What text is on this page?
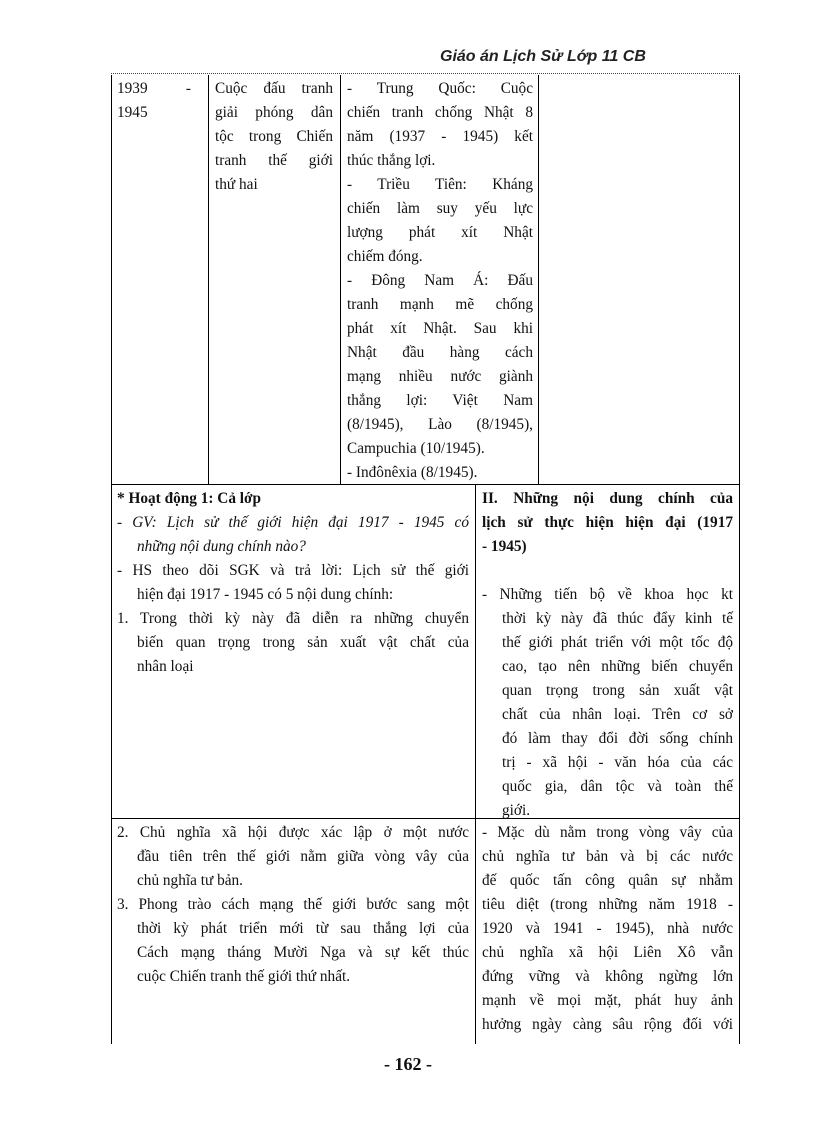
Giáo án Lịch Sử Lớp 11 CB
1939          -
1945
Cuộc đấu tranh
giải phóng dân
tộc trong Chiến
tranh thế giới
thứ hai
- Trung Quốc: Cuộc
chiến tranh chống Nhật 8
năm (1937 - 1945) kết
thúc thắng lợi.
- Triều Tiên: Kháng
chiến làm suy yếu lực
lượng phát xít Nhật
chiếm đóng.
- Đông Nam Á: Đấu
tranh mạnh mẽ chống
phát xít Nhật. Sau khi
Nhật đầu hàng cách
mạng nhiều nước giành
thắng lợi: Việt Nam
(8/1945), Lào (8/1945),
Campuchia (10/1945).
- Inđônêxia (8/1945).
* Hoạt động 1: Cả lớp
- GV: Lịch sử thế giới hiện đại 1917 - 1945 có
những nội dung chính nào?
- HS theo dõi SGK và trả lời: Lịch sử thế giới
hiện đại 1917 - 1945 có 5 nội dung chính:
1. Trong thời kỳ này đã diễn ra những chuyển
biến quan trọng trong sản xuất vật chất của
nhân loại
II. Những nội dung chính của
lịch sử thực hiện hiện đại (1917
- 1945)
- Những tiến bộ về khoa học kt
thời kỳ này đã thúc đẩy kinh tế
thế giới phát triển với một tốc độ
cao, tạo nên những biến chuyển
quan trọng trong sản xuất vật
chất của nhân loại. Trên cơ sở
đó làm thay đổi đời sống chính
trị - xã hội - văn hóa của các
quốc gia, dân tộc và toàn thế
giới.
2. Chủ nghĩa xã hội được xác lập ở một nước
đầu tiên trên thế giới nằm giữa vòng vây của
chủ nghĩa tư bản.
3. Phong trào cách mạng thế giới bước sang một
thời kỳ phát triển mới từ sau thắng lợi của
Cách mạng tháng Mười Nga và sự kết thúc
cuộc Chiến tranh thế giới thứ nhất.
- Mặc dù nằm trong vòng vây của
chủ nghĩa tư bản và bị các nước
đế quốc tấn công quân sự nhằm
tiêu diệt (trong những năm 1918 -
1920 và 1941 - 1945), nhà nước
chủ nghĩa xã hội Liên Xô vẫn
đứng vững và không ngừng lớn
mạnh về mọi mặt, phát huy ảnh
hưởng ngày càng sâu rộng đối với
- 162 -
